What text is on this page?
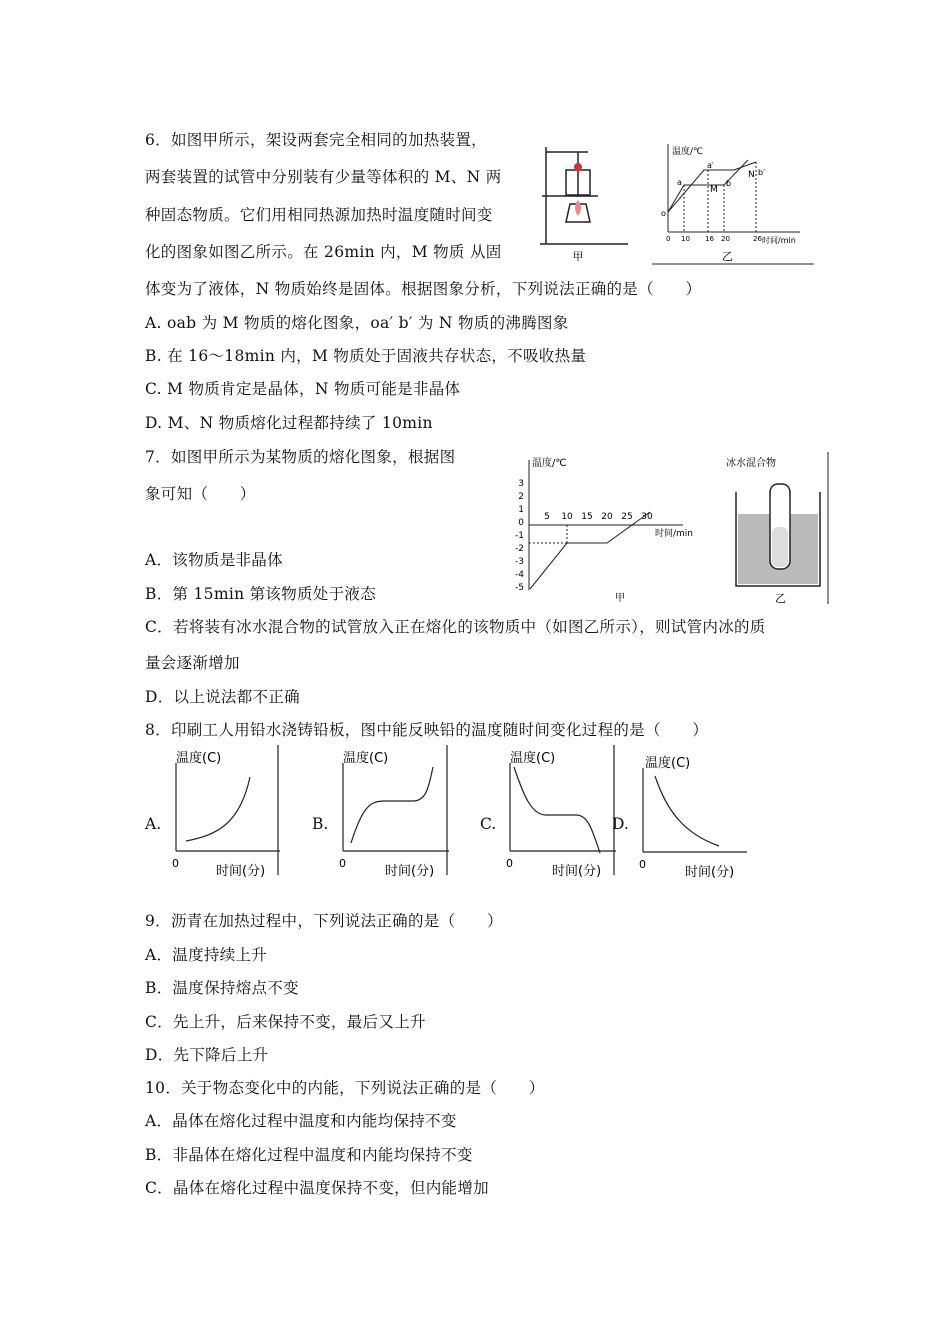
6．如图甲所示，架设两套完全相同的加热装置，
两套装置的试管中分别装有少量等体积的 M、N 两
种固态物质。它们用相同热源加热时温度随时间变
化的图象如图乙所示。在 26min 内，M 物质 从固
体变为了液体，N 物质始终是固体。根据图象分析，下列说法正确的是（　　）
A. oab 为 M 物质的熔化图象，oa′ b′ 为 N 物质的沸腾图象
B. 在 16～18min 内，M 物质处于固液共存状态，不吸收热量
C. M 物质肯定是晶体，N 物质可能是非晶体
D. M、N 物质熔化过程都持续了 10min
甲
温度/℃
时间/min
0 10 16 20	26
o
a
a′
b
b′
M
N
乙
7．如图甲所示为某物质的熔化图象，根据图
象可知（　　）
A．该物质是非晶体
B．第 15min 第该物质处于液态
C．若将装有冰水混合物的试管放入正在熔化的该物质中（如图乙所示），则试管内冰的质
量会逐渐增加
D．以上说法都不正确
温度/℃
时间/min
3
2
1
0
-1
-2
-3
-4
-5
5 10 15 20 25 30
甲
冰水混合物
乙
8．印刷工人用铅水浇铸铅板，图中能反映铅的温度随时间变化过程的是（　　）
A.
温度(C)
0
时间(分)
B.
温度(C)
0
时间(分)
C.
温度(C)
0
时间(分)
D.
温度(C)
0
时间(分)
9．沥青在加热过程中，下列说法正确的是（　　）
A．温度持续上升
B．温度保持熔点不变
C．先上升，后来保持不变，最后又上升
D．先下降后上升
10．关于物态变化中的内能，下列说法正确的是（　　）
A．晶体在熔化过程中温度和内能均保持不变
B．非晶体在熔化过程中温度和内能均保持不变
C．晶体在熔化过程中温度保持不变，但内能增加
